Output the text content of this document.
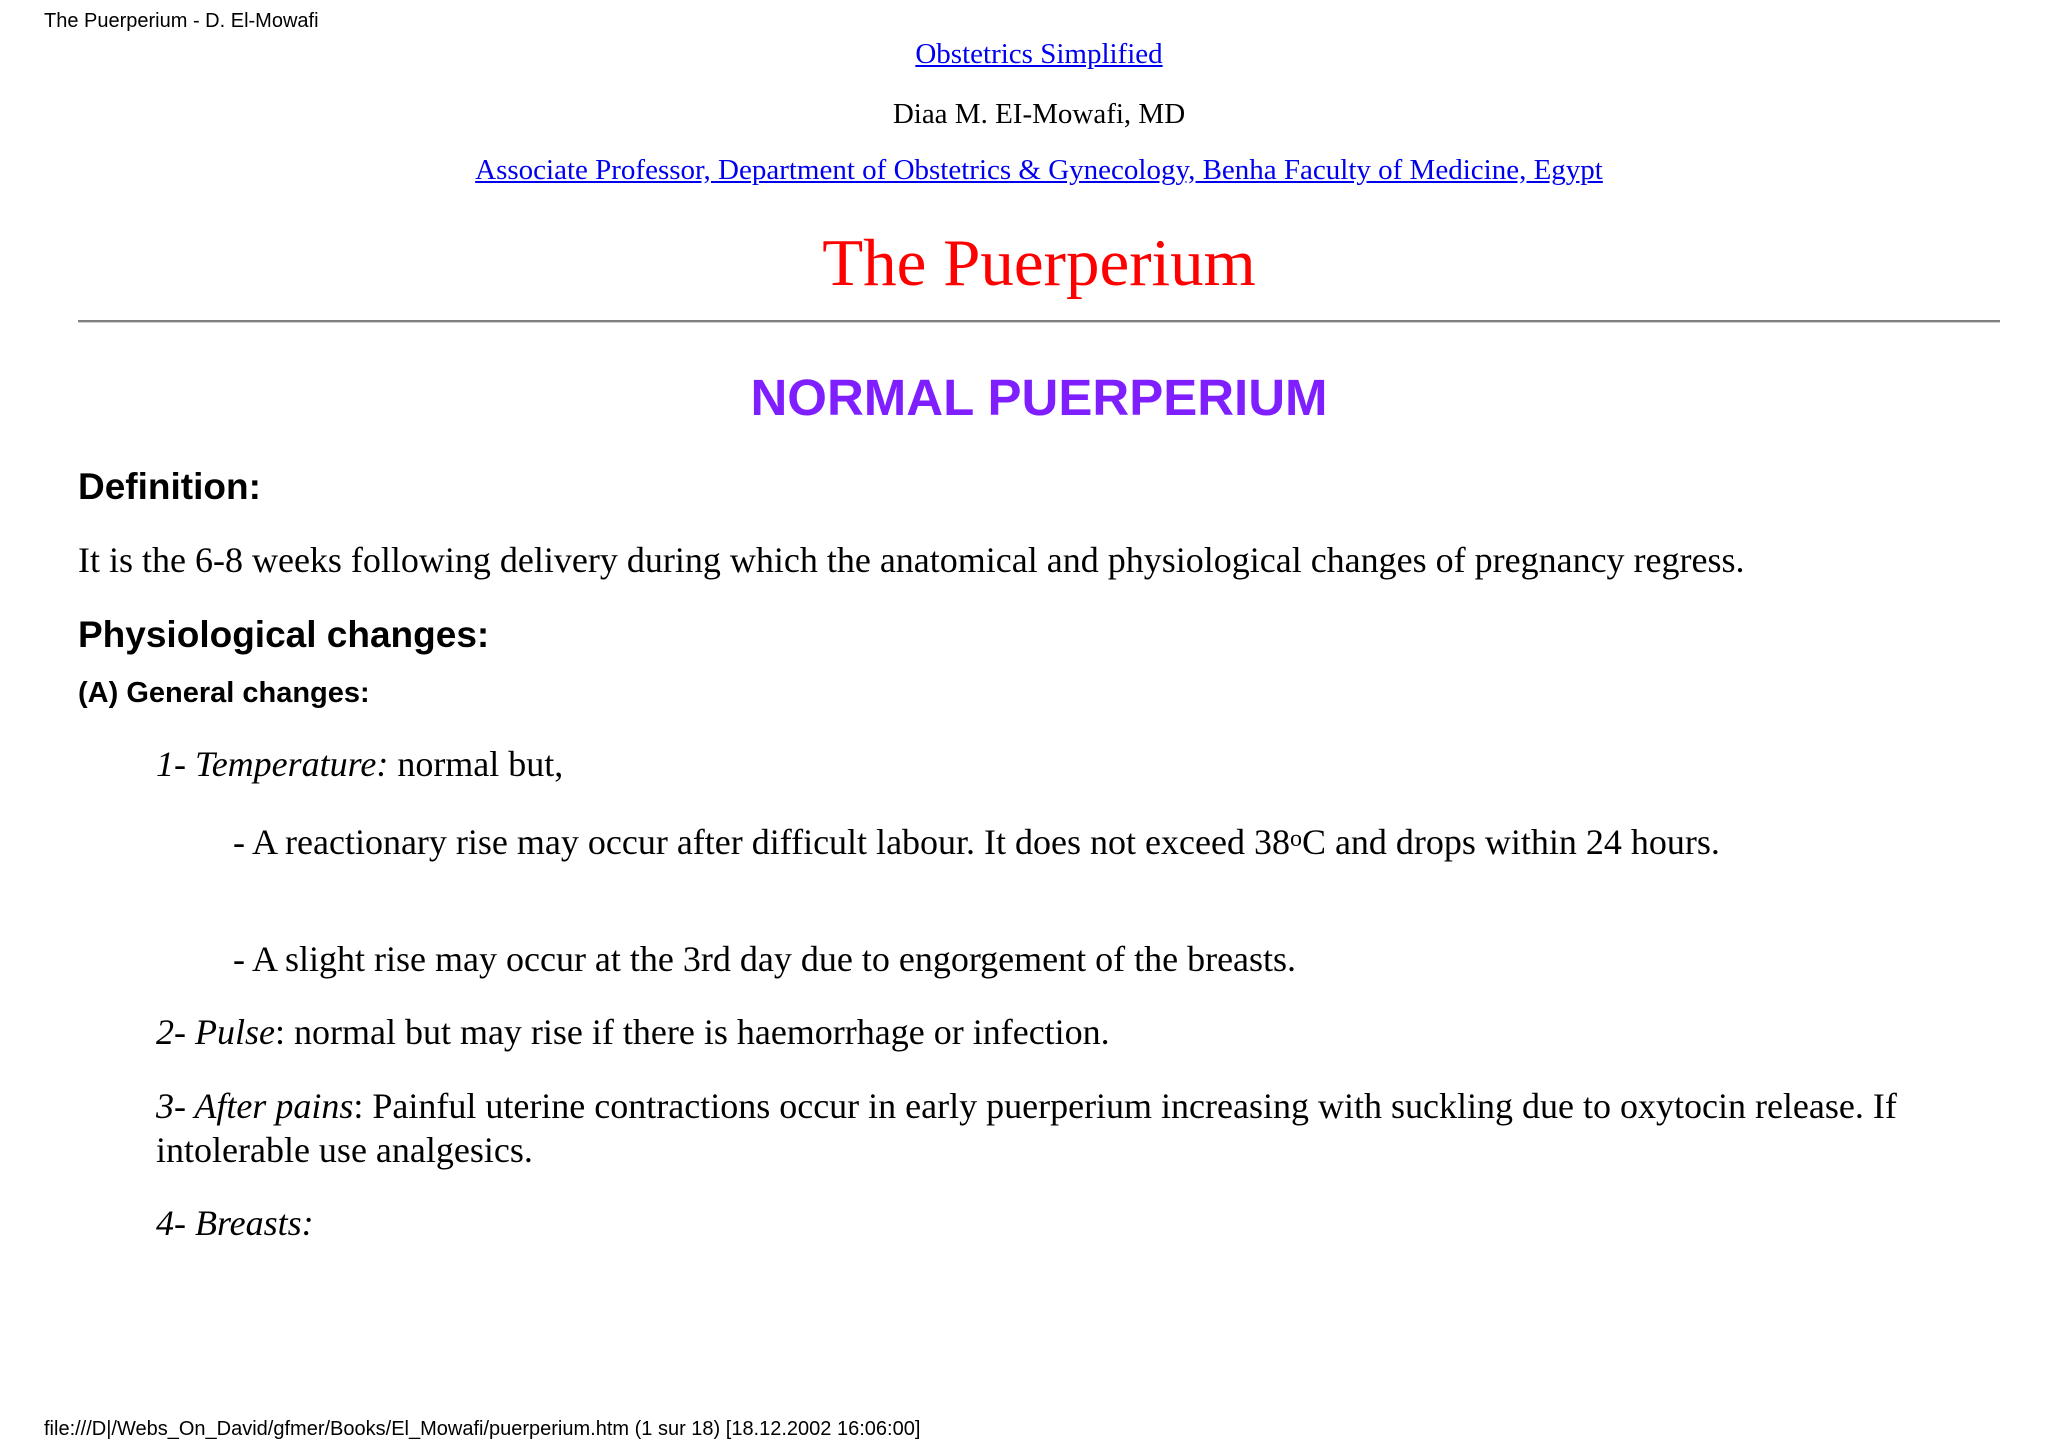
The Puerperium - D. El-Mowafi
Obstetrics Simplified
Diaa M. EI-Mowafi, MD
Associate Professor, Department of Obstetrics & Gynecology, Benha Faculty of Medicine, Egypt
The Puerperium
NORMAL PUERPERIUM
Definition:
It is the 6-8 weeks following delivery during which the anatomical and physiological changes of pregnancy regress.
Physiological changes:
(A) General changes:
1- Temperature: normal but,
- A reactionary rise may occur after difficult labour. It does not exceed 38$^o$C and drops within 24 hours.
- A slight rise may occur at the 3rd day due to engorgement of the breasts.
2- Pulse: normal but may rise if there is haemorrhage or infection.
3- After pains: Painful uterine contractions occur in early puerperium increasing with suckling due to oxytocin release. If intolerable use analgesics.
4- Breasts:
file:///D|/Webs_On_David/gfmer/Books/El_Mowafi/puerperium.htm (1 sur 18) [18.12.2002 16:06:00]
